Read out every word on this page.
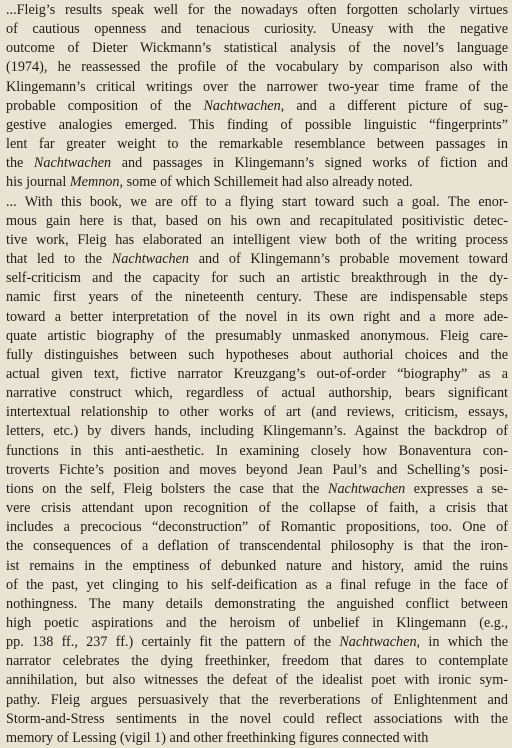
...Fleig’s results speak well for the nowadays often forgotten scholarly virtues
of cautious openness and tenacious curiosity. Uneasy with the negative
outcome of Dieter Wickmann’s statistical analysis of the novel’s language
(1974), he reassessed the profile of the vocabulary by comparison also with
Klingemann’s critical writings over the narrower two-year time frame of the
probable composition of the Nachtwachen, and a different picture of sug-
gestive analogies emerged. This finding of possible linguistic “fingerprints”
lent far greater weight to the remarkable resemblance between passages in
the Nachtwachen and passages in Klingemann’s signed works of fiction and
his journal Memnon, some of which Schillemeit had also already noted.

... With this book, we are off to a flying start toward such a goal. The enor-
mous gain here is that, based on his own and recapitulated positivistic detec-
tive work, Fleig has elaborated an intelligent view both of the writing process
that led to the Nachtwachen and of Klingemann’s probable movement toward
self-criticism and the capacity for such an artistic breakthrough in the dy-
namic first years of the nineteenth century. These are indispensable steps
toward a better interpretation of the novel in its own right and a more ade-
quate artistic biography of the presumably unmasked anonymous. Fleig care-
fully distinguishes between such hypotheses about authorial choices and the
actual given text, fictive narrator Kreuzgang’s out-of-order “biography” as a
narrative construct which, regardless of actual authorship, bears significant
intertextual relationship to other works of art (and reviews, criticism, essays,
letters, etc.) by divers hands, including Klingemann’s. Against the backdrop of
functions in this anti-aesthetic. In examining closely how Bonaventura con-
troverts Fichte’s position and moves beyond Jean Paul’s and Schelling’s posi-
tions on the self, Fleig bolsters the case that the Nachtwachen expresses a se-
vere crisis attendant upon recognition of the collapse of faith, a crisis that
includes a precocious “deconstruction” of Romantic propositions, too. One of
the consequences of a deflation of transcendental philosophy is that the iron-
ist remains in the emptiness of debunked nature and history, amid the ruins
of the past, yet clinging to his self-deification as a final refuge in the face of
nothingness. The many details demonstrating the anguished conflict between
high poetic aspirations and the heroism of unbelief in Klingemann (e.g.,
pp. 138 ff., 237 ff.) certainly fit the pattern of the Nachtwachen, in which the
narrator celebrates the dying freethinker, freedom that dares to contemplate
annihilation, but also witnesses the defeat of the idealist poet with ironic sym-
pathy. Fleig argues persuasively that the reverberations of Enlightenment and
Storm-and-Stress sentiments in the novel could reflect associations with the
memory of Lessing (vigil 1) and other freethinking figures connected with
